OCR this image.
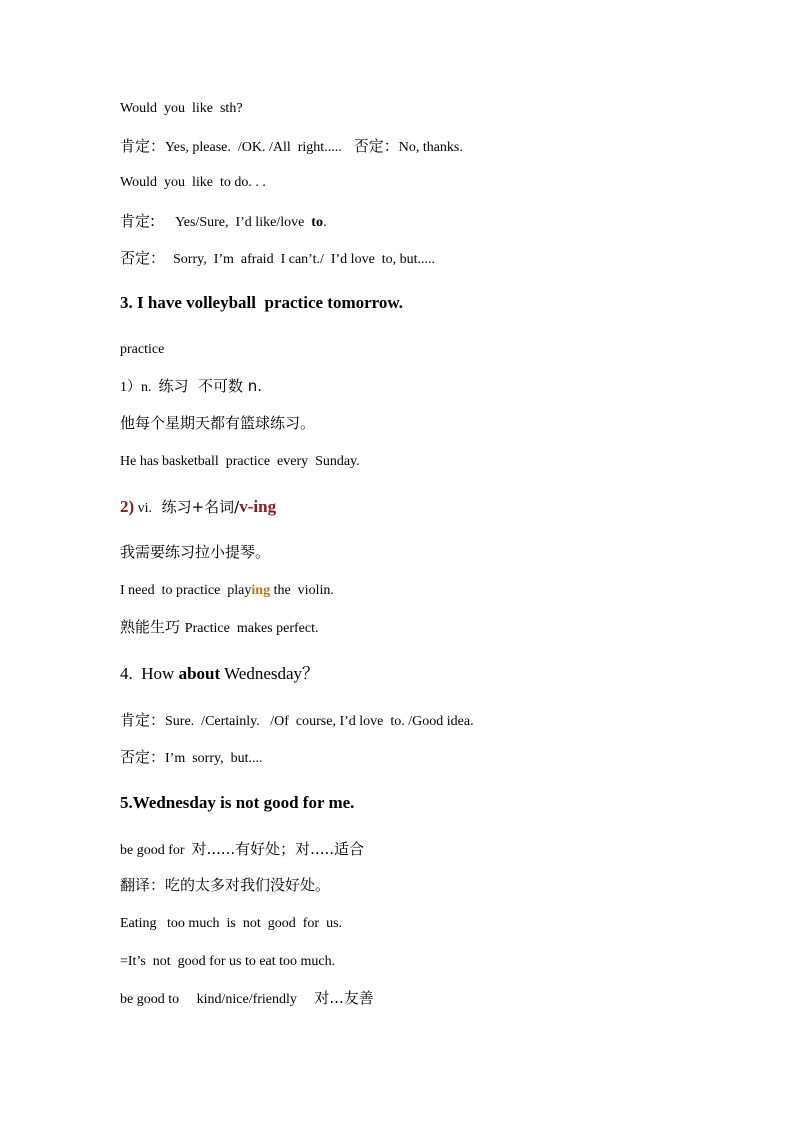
Would  you  like  sth?
肯定：Yes, please.  /OK. /All  right..... 否定：No, thanks.
Would  you  like  to do. . .
肯定: Yes/Sure,  I’d like/love  to.
否定： Sorry,  I’m  afraid  I can’t./  I’d love  to, but.....
3. I have volleyball  practice tomorrow.
practice
1）n. 练习  不可数 n.
他每个星期天都有篮球练习。
He has basketball  practice  every  Sunday.
2) vi.  练习+名词/v-ing
我需要练习拉小提琴。
I need  to practice  playing the  violin.
熟能生巧 Practice  makes perfect.
4.  How about Wednesday？
肯定：Sure.  /Certainly.   /Of  course, I’d love  to. /Good idea.
否定：I’m  sorry,  but....
5.Wednesday is not good for me.
be good for  对......有好处；对.....适合
翻译：吃的太多对我们没好处。
Eating   too much  is  not  good  for  us.
=It’s  not  good for us to eat too much.
be good to     kind/nice/friendly     对...友善
